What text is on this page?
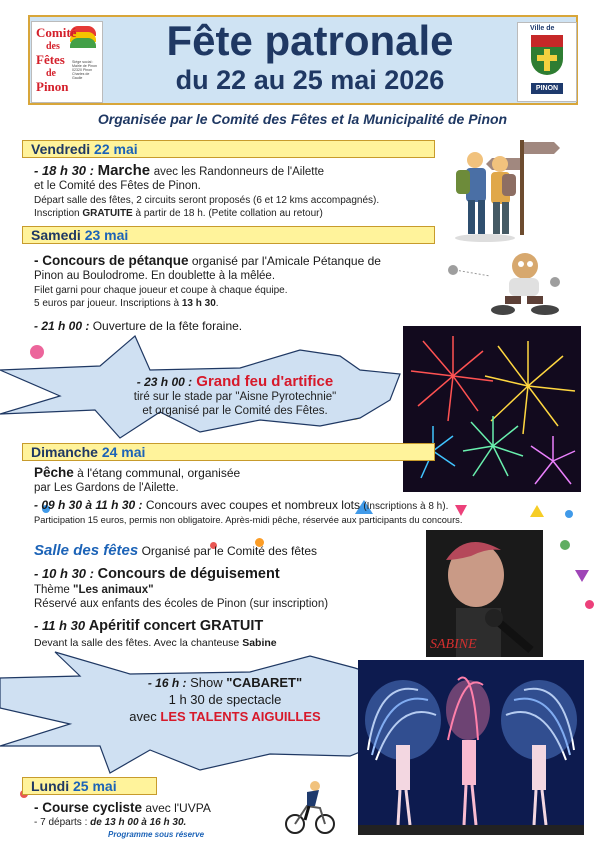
Comité
des
Fêtes
de
Pinon
Siège social : Mairie de Pinon 02320 Pinon Charles de Gaulle
Ville de
PINON
Fête patronale
du 22 au 25 mai 2026
Organisée par le Comité des Fêtes et la Municipalité de Pinon
Vendredi 22 mai
- 18 h 30 : Marche avec les Randonneurs de l'Ailette
et le Comité des Fêtes de Pinon.
Départ salle des fêtes, 2 circuits seront proposés (6 et 12 kms accompagnés).
Inscription GRATUITE à partir de 18 h. (Petite collation au retour)
Samedi 23 mai
- Concours de pétanque organisé par l'Amicale Pétanque de
Pinon au Boulodrome. En doublette à la mêlée.
Filet garni pour chaque joueur et coupe à chaque équipe.
5 euros par joueur. Inscriptions à 13 h 30.
- 21 h 00 : Ouverture de la fête foraine.
- 23 h 00 : Grand feu d'artifice
tiré sur le stade par "Aisne Pyrotechnie"
et organisé par le Comité des Fêtes.
Dimanche 24 mai
Pêche à l'étang communal, organisée
par Les Gardons de l'Ailette.
- 09 h 30 à 11 h 30 : Concours avec coupes et nombreux lots (Inscriptions à 8 h).
Participation 15 euros, permis non obligatoire. Après-midi pêche, réservée aux participants du concours.
Salle des fêtes Organisé par le Comité des fêtes
- 10 h 30 : Concours de déguisement
Thème "Les animaux"
Réservé aux enfants des écoles de Pinon (sur inscription)
- 11 h 30 Apéritif concert GRATUIT
Devant la salle des fêtes. Avec la chanteuse Sabine	SABINE
- 16 h : Show "CABARET"
1 h 30 de spectacle
avec LES TALENTS AIGUILLES
Lundi 25 mai
- Course cycliste avec l'UVPA
- 7 départs : de 13 h 00 à 16 h 30.
Programme sous réserve
